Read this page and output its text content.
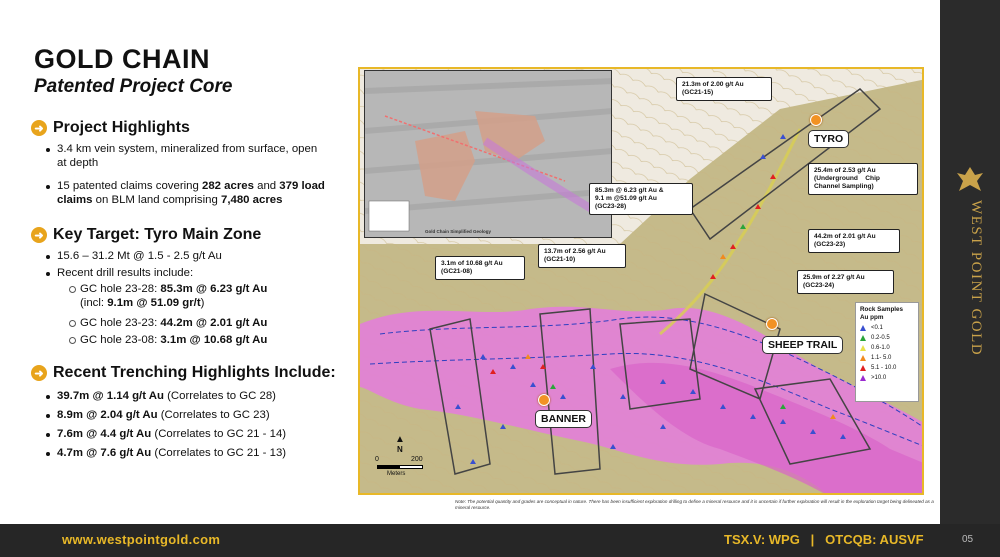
GOLD CHAIN
Patented Project Core
➜ Project Highlights
3.4 km vein system, mineralized from surface, open at depth
15 patented claims covering 282 acres and 379 load claims on BLM land comprising 7,480 acres
➜ Key Target: Tyro Main Zone
15.6 – 31.2 Mt @ 1.5 - 2.5 g/t Au
Recent drill results include:
GC hole 23-28: 85.3m @ 6.23 g/t Au
(incl: 9.1m @ 51.09 gr/t)
GC hole 23-23: 44.2m @ 2.01 g/t Au
GC hole 23-08: 3.1m @ 10.68 g/t Au
➜ Recent Trenching Highlights Include:
39.7m @ 1.14 g/t Au (Correlates to GC 28)
8.9m @ 2.04 g/t Au (Correlates to GC 23)
7.6m @ 4.4 g/t Au (Correlates to GC 21 - 14)
4.7m @ 7.6 g/t Au (Correlates to GC 21 - 13)
Gold Chain Simplified Geology
21.3m of 2.00 g/t Au
(GC21-15)
85.3m @ 6.23 g/t Au &
9.1 m @51.09 g/t Au
(GC23-28)
25.4m of 2.53 g/t Au
(Underground    Chip
Channel Sampling)
13.7m of 2.56 g/t Au
(GC21-10)
3.1m of 10.68 g/t Au
(GC21-08)
44.2m of 2.01 g/t Au
(GC23-23)
25.9m of 2.27 g/t Au
(GC23-24)
TYRO
SHEEP TRAIL
BANNER
Rock Samples
Au ppm
<0.1
0.2-0.5
0.6-1.0
1.1- 5.0
5.1 - 10.0
>10.0
▲
N
0	200
Meters
Note: The potential quantity and grades are conceptual in nature. There has been insufficient exploration drilling to define a mineral resource and it is uncertain if further exploration will result in the exploration target being delineated as a mineral resource.
WEST POINT GOLD
www.westpointgold.com	TSX.V: WPG   |   OTCQB: AUSVF	05
